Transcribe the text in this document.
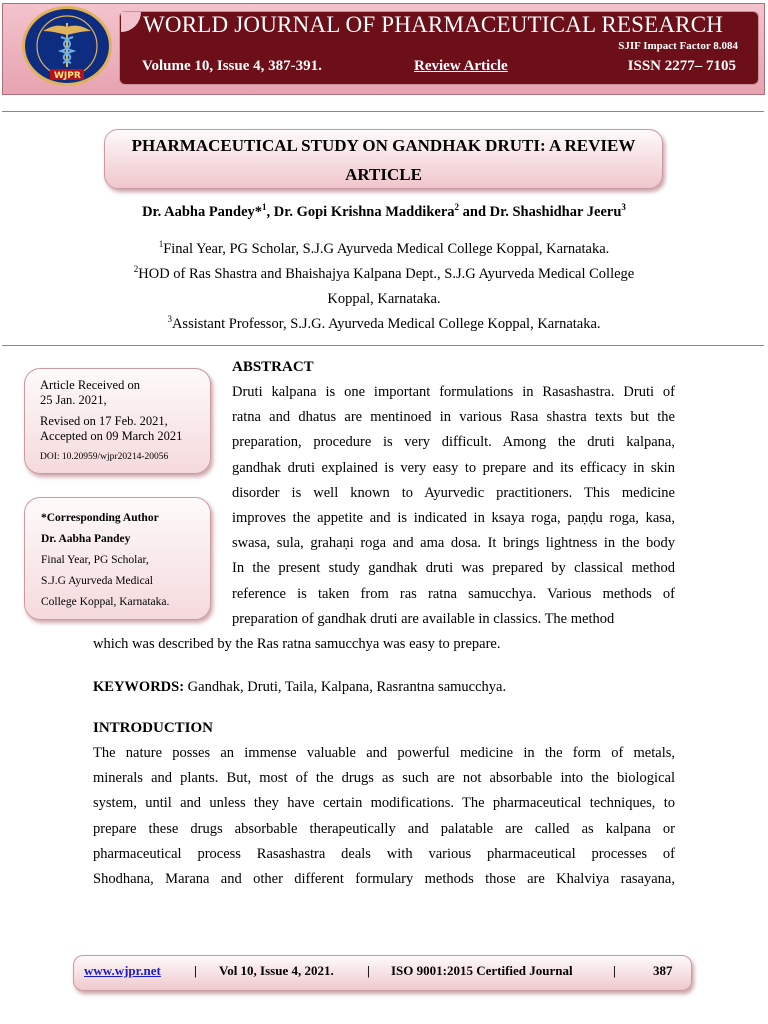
WJPR
WORLD JOURNAL OF PHARMACEUTICAL RESEARCH
SJIF Impact Factor 8.084
Volume 10, Issue 4, 387-391.	Review Article	ISSN 2277– 7105
PHARMACEUTICAL STUDY ON GANDHAK DRUTI: A REVIEW
ARTICLE
Dr. Aabha Pandey*$^1$, Dr. Gopi Krishna Maddikera$^2$ and Dr. Shashidhar Jeeru$^3$
$^1$Final Year, PG Scholar, S.J.G Ayurveda Medical College Koppal, Karnataka.
$^2$HOD of Ras Shastra and Bhaishajya Kalpana Dept., S.J.G Ayurveda Medical College
Koppal, Karnataka.
$^3$Assistant Professor, S.J.G. Ayurveda Medical College Koppal, Karnataka.
Article Received on
25 Jan. 2021,
Revised on 17 Feb. 2021,
Accepted on 09 March 2021
DOI: 10.20959/wjpr20214-20056
*Corresponding Author
Dr. Aabha Pandey
Final Year, PG Scholar,
S.J.G Ayurveda Medical
College Koppal, Karnataka.
ABSTRACT
Druti kalpana is one important formulations in Rasashastra. Druti of
ratna and dhatus are mentinoed in various Rasa shastra texts but the
preparation, procedure is very difficult. Among the druti kalpana,
gandhak druti explained is very easy to prepare and its efficacy in skin
disorder is well known to Ayurvedic practitioners. This medicine
improves the appetite and is indicated in ksaya roga, paṇḍu roga, kasa,
swasa, sula, grahaṇi roga and ama dosa. It brings lightness in the body
In the present study gandhak druti was prepared by classical method
reference is taken from ras ratna samucchya. Various methods of
preparation of gandhak druti are available in classics. The method
which was described by the Ras ratna samucchya was easy to prepare.
KEYWORDS: Gandhak, Druti, Taila, Kalpana, Rasrantna samucchya.
INTRODUCTION
The nature posses an immense valuable and powerful medicine in the form of metals,
minerals and plants. But, most of the drugs as such are not absorbable into the biological
system, until and unless they have certain modifications. The pharmaceutical techniques, to
prepare these drugs absorbable therapeutically and palatable are called as kalpana or
pharmaceutical process Rasashastra deals with various pharmaceutical processes of
Shodhana, Marana and other different formulary methods those are Khalviya rasayana,
www.wjpr.net	| Vol 10, Issue 4, 2021.	| ISO 9001:2015 Certified Journal	|	387
